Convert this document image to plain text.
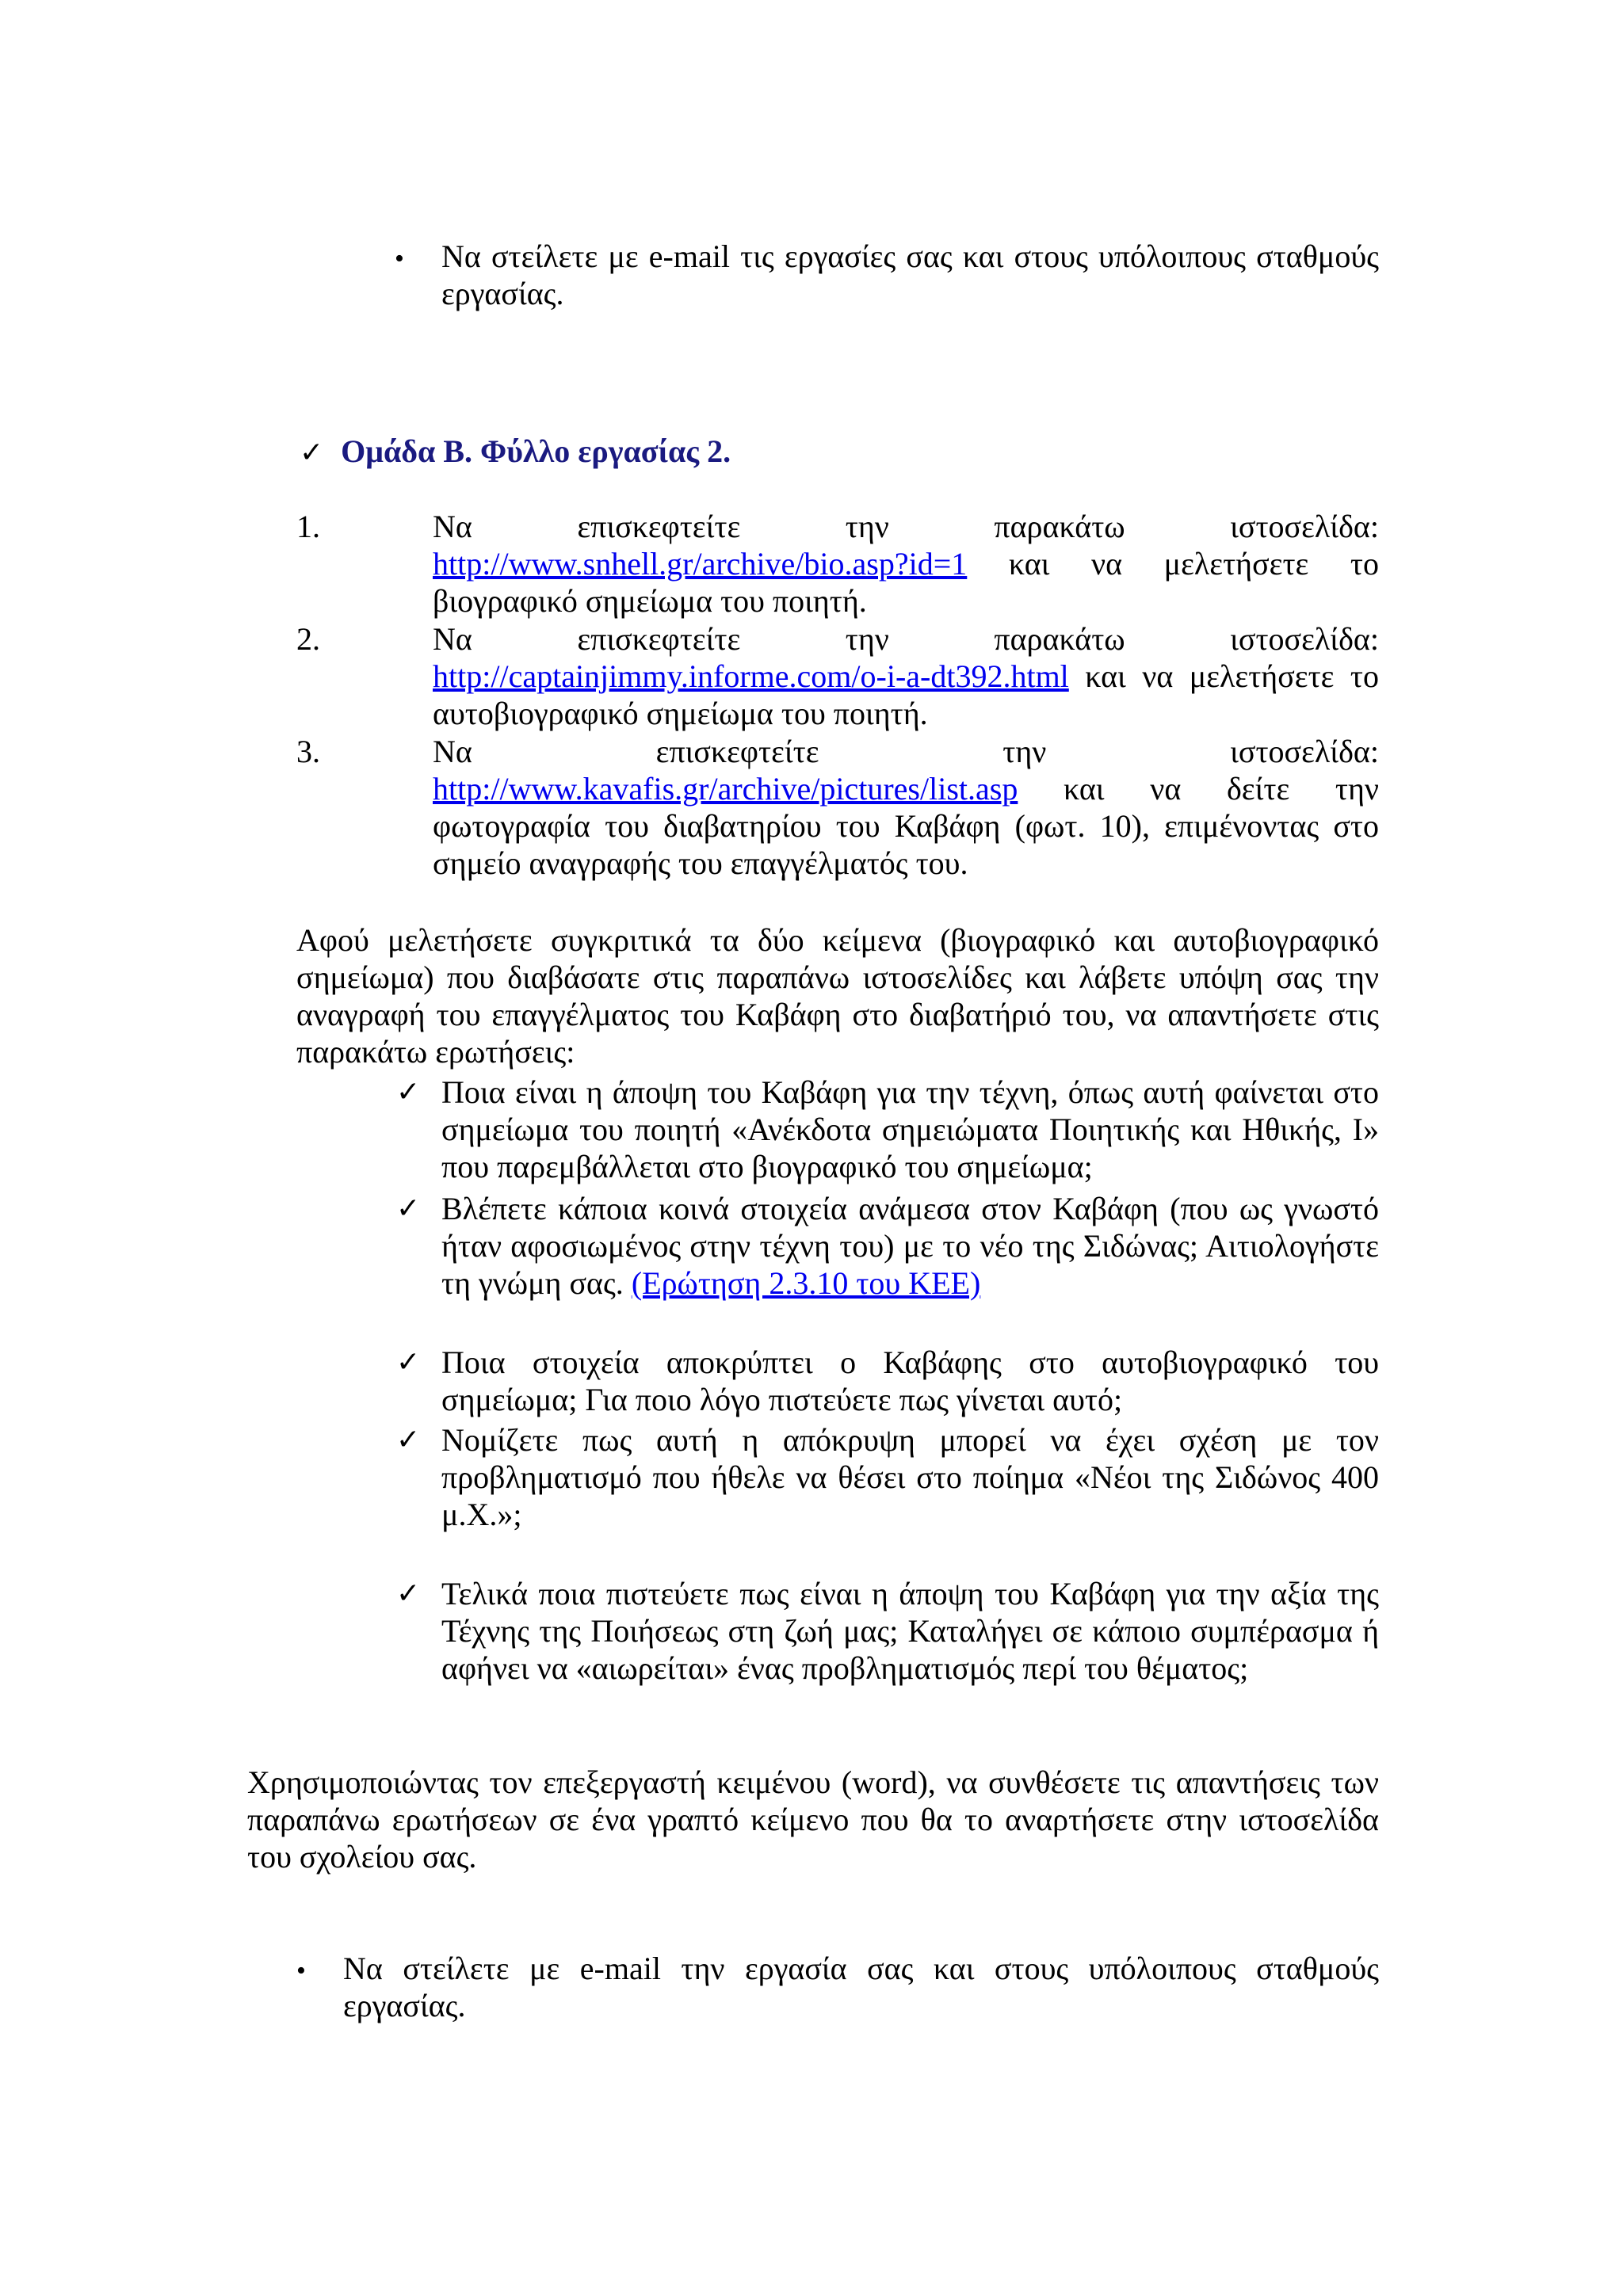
• Να στείλετε με e-mail τις εργασίες σας και στους υπόλοιπους σταθμούς εργασίας.

✓ Ομάδα Β. Φύλλο εργασίας 2.
1.	Να επισκεφτείτε την παρακάτω ιστοσελίδα: http://www.snhell.gr/archive/bio.asp?id=1 και να μελετήσετε το βιογραφικό σημείωμα του ποιητή.

2.	Να επισκεφτείτε την παρακάτω ιστοσελίδα: http://captainjimmy.informe.com/o-i-a-dt392.html και να μελετήσετε το αυτοβιογραφικό σημείωμα του ποιητή.

3.	Να επισκεφτείτε την ιστοσελίδα: http://www.kavafis.gr/archive/pictures/list.asp και να δείτε την φωτογραφία του διαβατηρίου του Καβάφη (φωτ. 10), επιμένοντας στο σημείο αναγραφής του επαγγέλματός του.

Αφού μελετήσετε συγκριτικά τα δύο κείμενα (βιογραφικό και αυτοβιογραφικό σημείωμα) που διαβάσατε στις παραπάνω ιστοσελίδες και λάβετε υπόψη σας την αναγραφή του επαγγέλματος του Καβάφη στο διαβατήριό του, να απαντήσετε στις παρακάτω ερωτήσεις:

✓ Ποια είναι η άποψη του Καβάφη για την τέχνη, όπως αυτή φαίνεται στο σημείωμα του ποιητή «Ανέκδοτα σημειώματα Ποιητικής και Ηθικής, Ι» που παρεμβάλλεται στο βιογραφικό του σημείωμα;

✓ Βλέπετε κάποια κοινά στοιχεία ανάμεσα στον Καβάφη (που ως γνωστό ήταν αφοσιωμένος στην τέχνη του) με το νέο της Σιδώνας; Αιτιολογήστε τη γνώμη σας. (Ερώτηση 2.3.10 του ΚΕΕ)

✓ Ποια στοιχεία αποκρύπτει ο Καβάφης στο αυτοβιογραφικό του σημείωμα; Για ποιο λόγο πιστεύετε πως γίνεται αυτό;

✓ Νομίζετε πως αυτή η απόκρυψη μπορεί να έχει σχέση με τον προβληματισμό που ήθελε να θέσει στο ποίημα «Νέοι της Σιδώνος 400 μ.Χ.»;

✓ Τελικά ποια πιστεύετε πως είναι η άποψη του Καβάφη για την αξία της Τέχνης της Ποιήσεως στη ζωή μας; Καταλήγει σε κάποιο συμπέρασμα ή αφήνει να «αιωρείται» ένας προβληματισμός περί του θέματος;

Χρησιμοποιώντας τον επεξεργαστή κειμένου (word), να συνθέσετε τις απαντήσεις των παραπάνω ερωτήσεων σε ένα γραπτό κείμενο που θα το αναρτήσετε στην ιστοσελίδα του σχολείου σας.

• Να στείλετε με e-mail την εργασία σας και στους υπόλοιπους σταθμούς εργασίας.
